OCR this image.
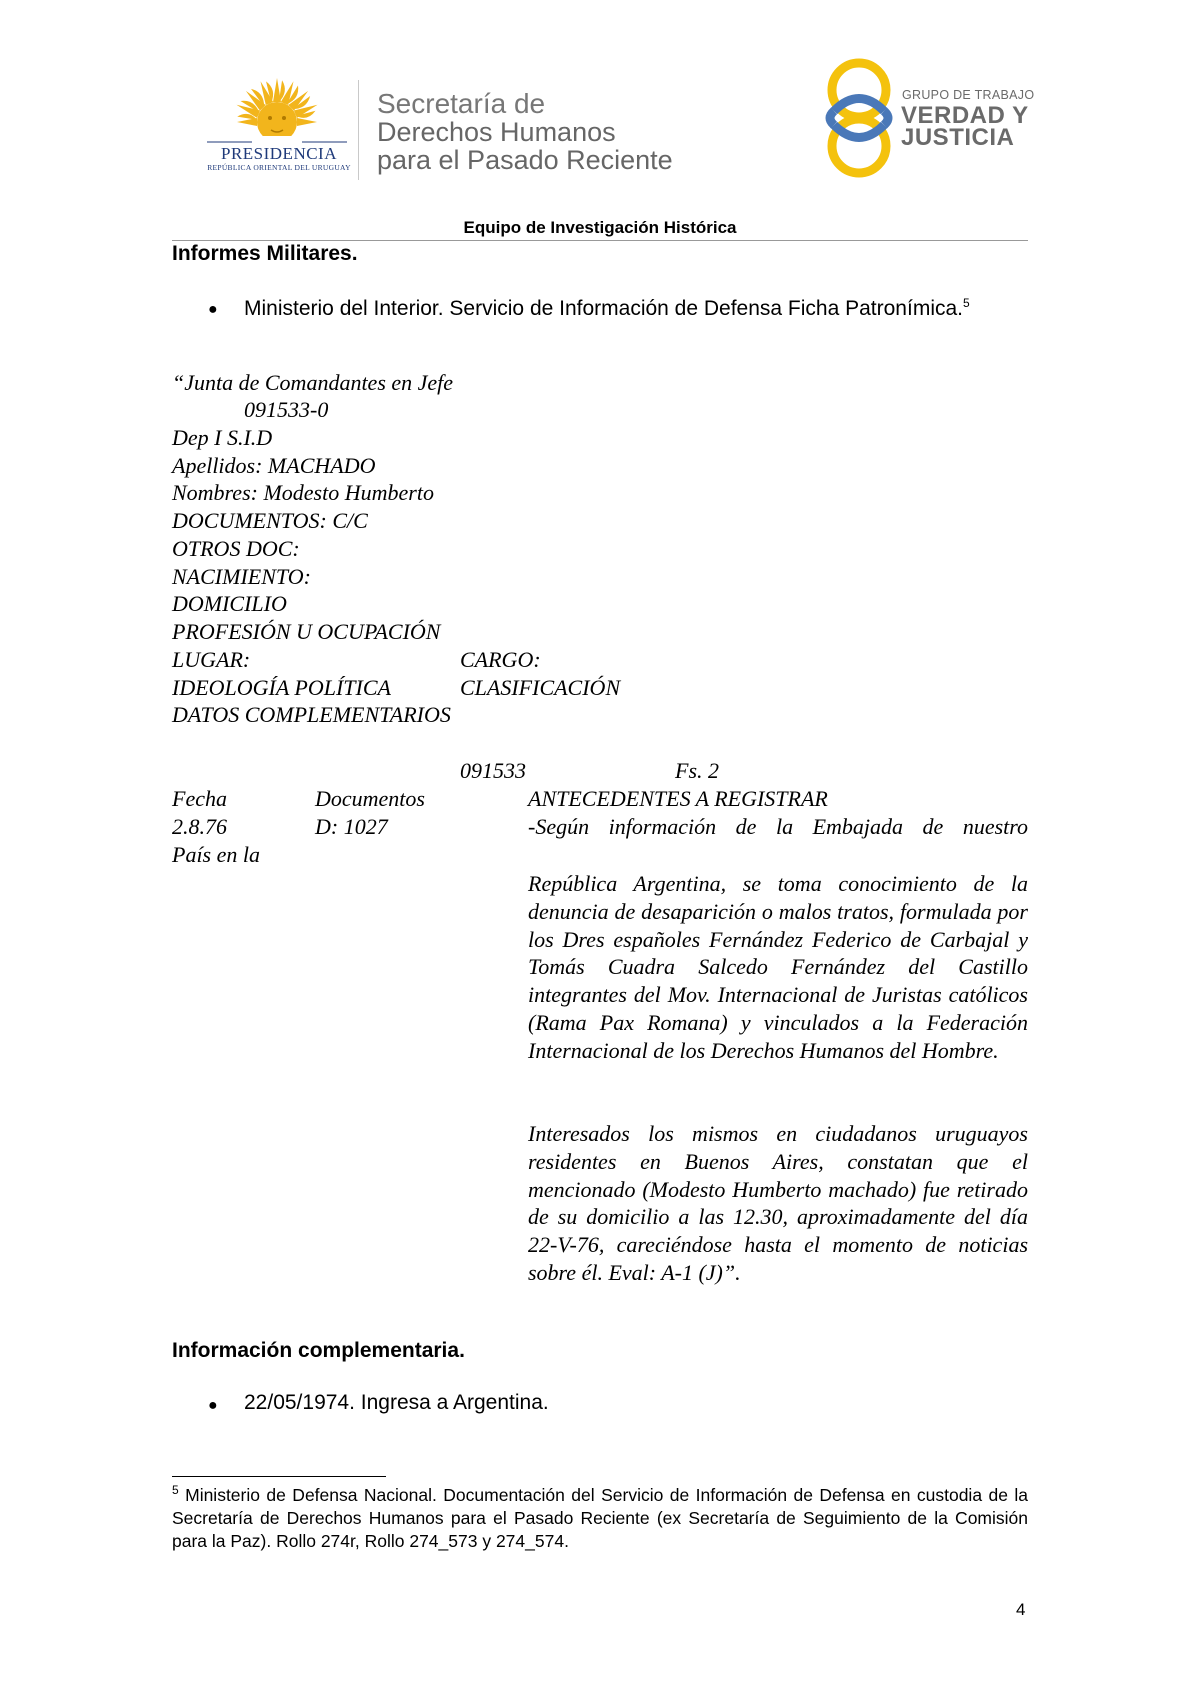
PRESIDENCIA
REPÚBLICA ORIENTAL DEL URUGUAY
Secretaría de
Derechos Humanos
para el Pasado Reciente
GRUPO DE TRABAJO
VERDAD Y
JUSTICIA
Equipo de Investigación Histórica
Informes Militares.
● Ministerio del Interior. Servicio de Información de Defensa Ficha Patronímica.$^5$
“Junta de Comandantes en Jefe
091533-0
Dep I S.I.D
Apellidos: MACHADO
Nombres: Modesto Humberto
DOCUMENTOS: C/C
OTROS DOC:
NACIMIENTO:
DOMICILIO
PROFESIÓN U OCUPACIÓN
LUGAR:	CARGO:
IDEOLOGÍA POLÍTICA	CLASIFICACIÓN
DATOS COMPLEMENTARIOS
091533	Fs. 2
Fecha	Documentos	ANTECEDENTES A REGISTRAR
2.8.76	D: 1027	-Según información de la Embajada de nuestro
País en la
República Argentina, se toma conocimiento de la denuncia de desaparición o malos tratos, formulada por los Dres españoles Fernández Federico de Carbajal y Tomás Cuadra Salcedo Fernández del Castillo integrantes del Mov. Internacional de Juristas católicos (Rama Pax Romana) y vinculados a la Federación Internacional de los Derechos Humanos del Hombre.
Interesados los mismos en ciudadanos uruguayos residentes en Buenos Aires, constatan que el mencionado (Modesto Humberto machado) fue retirado de su domicilio a las 12.30, aproximadamente del día 22-V-76, careciéndose hasta el momento de noticias sobre él. Eval: A-1 (J)”.
Información complementaria.
● 22/05/1974. Ingresa a Argentina.
$^5$ Ministerio de Defensa Nacional. Documentación del Servicio de Información de Defensa en custodia de la Secretaría de Derechos Humanos para el Pasado Reciente (ex Secretaría de Seguimiento de la Comisión para la Paz). Rollo 274r, Rollo 274_573 y 274_574.
4
